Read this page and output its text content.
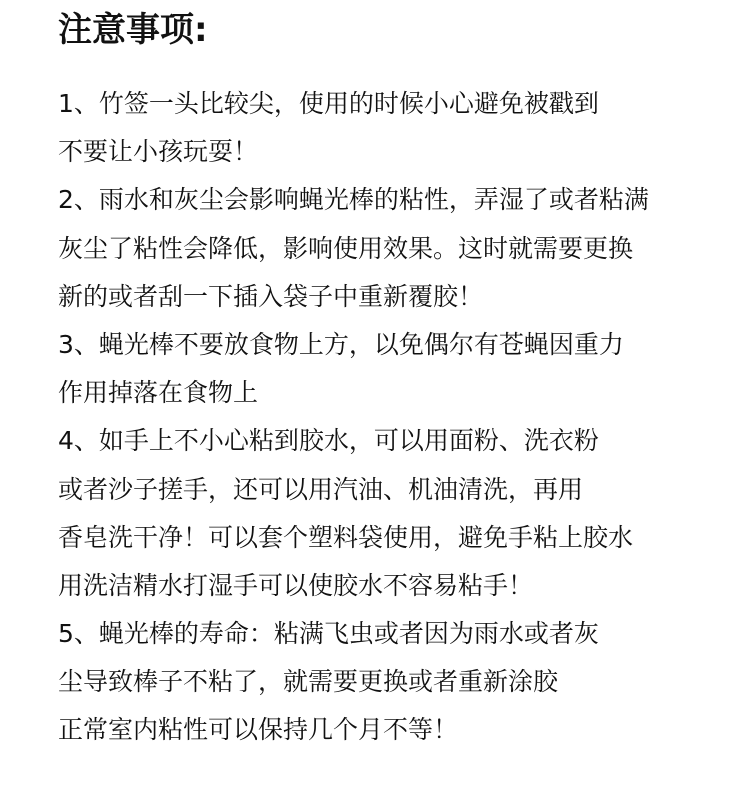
注意事项:
1、竹签一头比较尖，使用的时候小心避免被戳到
不要让小孩玩耍！
2、雨水和灰尘会影响蝇光棒的粘性，弄湿了或者粘满
灰尘了粘性会降低，影响使用效果。这时就需要更换
新的或者刮一下插入袋子中重新覆胶！
3、蝇光棒不要放食物上方，以免偶尔有苍蝇因重力
作用掉落在食物上
4、如手上不小心粘到胶水，可以用面粉、洗衣粉
或者沙子搓手，还可以用汽油、机油清洗，再用
香皂洗干净！可以套个塑料袋使用，避免手粘上胶水
用洗洁精水打湿手可以使胶水不容易粘手！
5、蝇光棒的寿命：粘满飞虫或者因为雨水或者灰
尘导致棒子不粘了，就需要更换或者重新涂胶
正常室内粘性可以保持几个月不等！
